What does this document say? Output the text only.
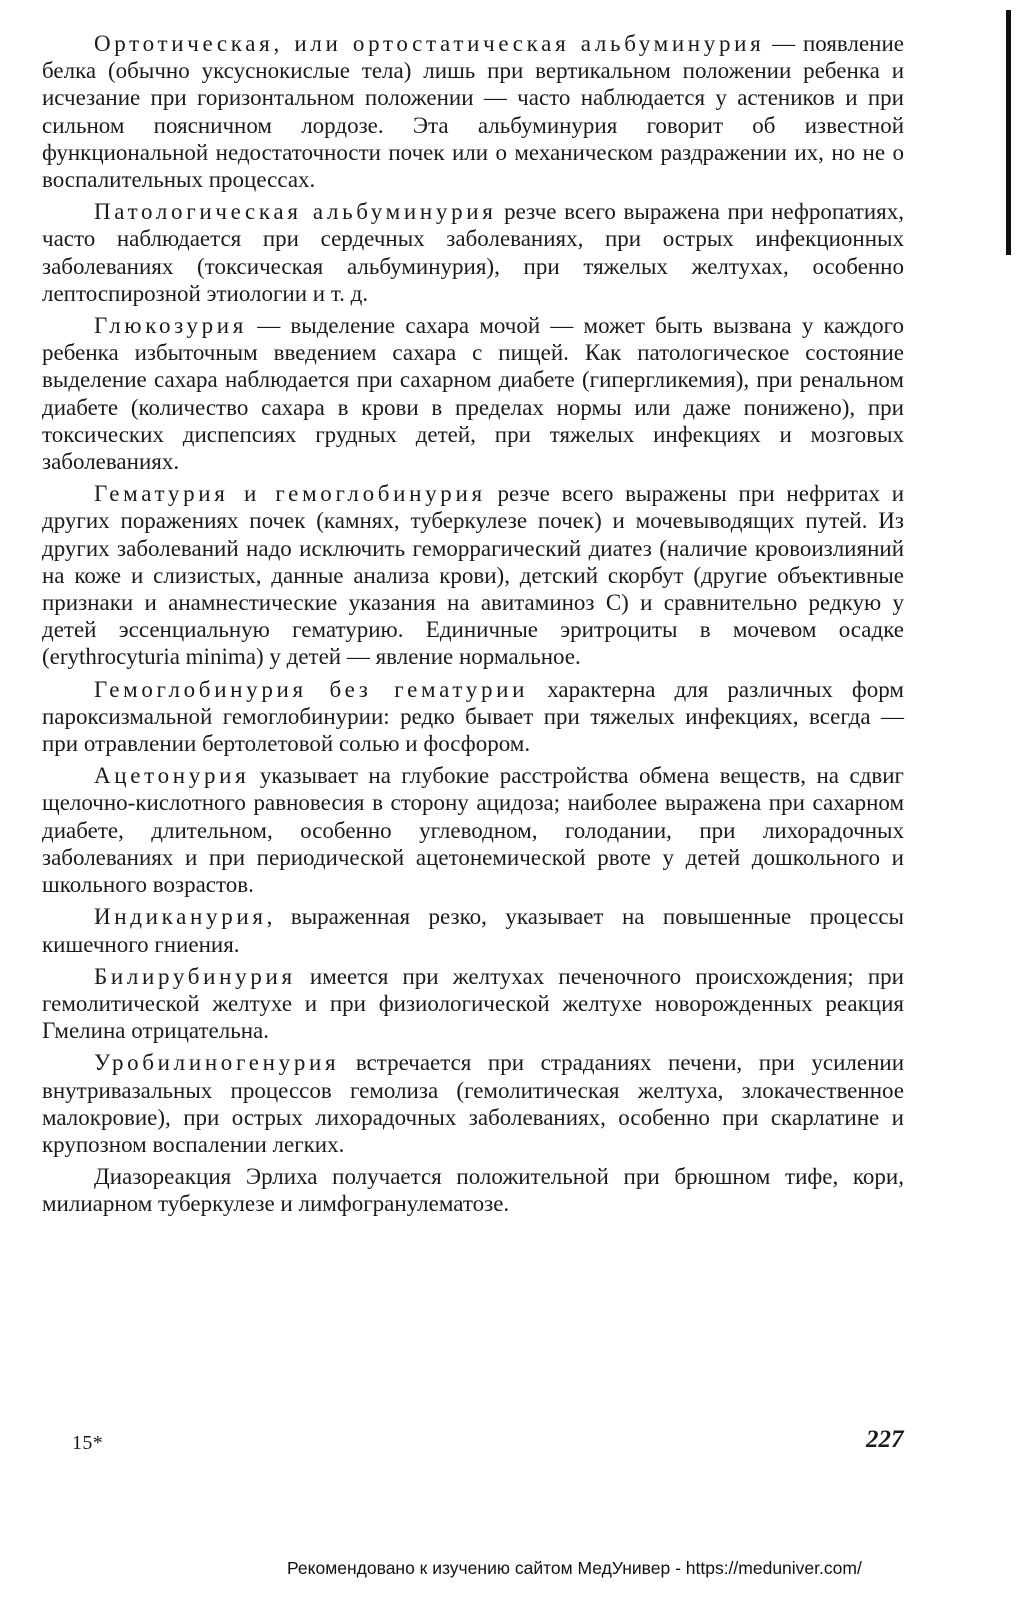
Ортотическая, или ортостатическая альбуминурия — появление белка (обычно уксуснокислые тела) лишь при вертикальном положении ребенка и исчезание при горизонтальном положении — часто наблюдается у астеников и при сильном поясничном лордозе. Эта альбуминурия говорит об известной функциональной недостаточности почек или о механическом раздражении их, но не о воспалительных процессах.

Патологическая альбуминурия резче всего выражена при нефропатиях, часто наблюдается при сердечных заболеваниях, при острых инфекционных заболеваниях (токсическая альбуминурия), при тяжелых желтухах, особенно лептоспирозной этиологии и т. д.

Глюкозурия — выделение сахара мочой — может быть вызвана у каждого ребенка избыточным введением сахара с пищей. Как патологическое состояние выделение сахара наблюдается при сахарном диабете (гипергликемия), при ренальном диабете (количество сахара в крови в пределах нормы или даже понижено), при токсических диспепсиях грудных детей, при тяжелых инфекциях и мозговых заболеваниях.

Гематурия и гемоглобинурия резче всего выражены при нефритах и других поражениях почек (камнях, туберкулезе почек) и мочевыводящих путей. Из других заболеваний надо исключить геморрагический диатез (наличие кровоизлияний на коже и слизистых, данные анализа крови), детский скорбут (другие объективные признаки и анамнестические указания на авитаминоз С) и сравнительно редкую у детей эссенциальную гематурию. Единичные эритроциты в мочевом осадке (erythrocyturia minima) у детей — явление нормальное.

Гемоглобинурия без гематурии характерна для различных форм пароксизмальной гемоглобинурии: редко бывает при тяжелых инфекциях, всегда — при отравлении бертолетовой солью и фосфором.

Ацетонурия указывает на глубокие расстройства обмена веществ, на сдвиг щелочно-кислотного равновесия в сторону ацидоза; наиболее выражена при сахарном диабете, длительном, особенно углеводном, голодании, при лихорадочных заболеваниях и при периодической ацетонемической рвоте у детей дошкольного и школьного возрастов.

Индиканурия, выраженная резко, указывает на повышенные процессы кишечного гниения.

Билирубинурия имеется при желтухах печеночного происхождения; при гемолитической желтухе и при физиологической желтухе новорожденных реакция Гмелина отрицательна.

Уробилиногенурия встречается при страданиях печени, при усилении внутривазальных процессов гемолиза (гемолитическая желтуха, злокачественное малокровие), при острых лихорадочных заболеваниях, особенно при скарлатине и крупозном воспалении легких.

Диазореакция Эрлиха получается положительной при брюшном тифе, кори, милиарном туберкулезе и лимфогранулематозе.

15*	227
Рекомендовано к изучению сайтом МедУнивер - https://meduniver.com/
